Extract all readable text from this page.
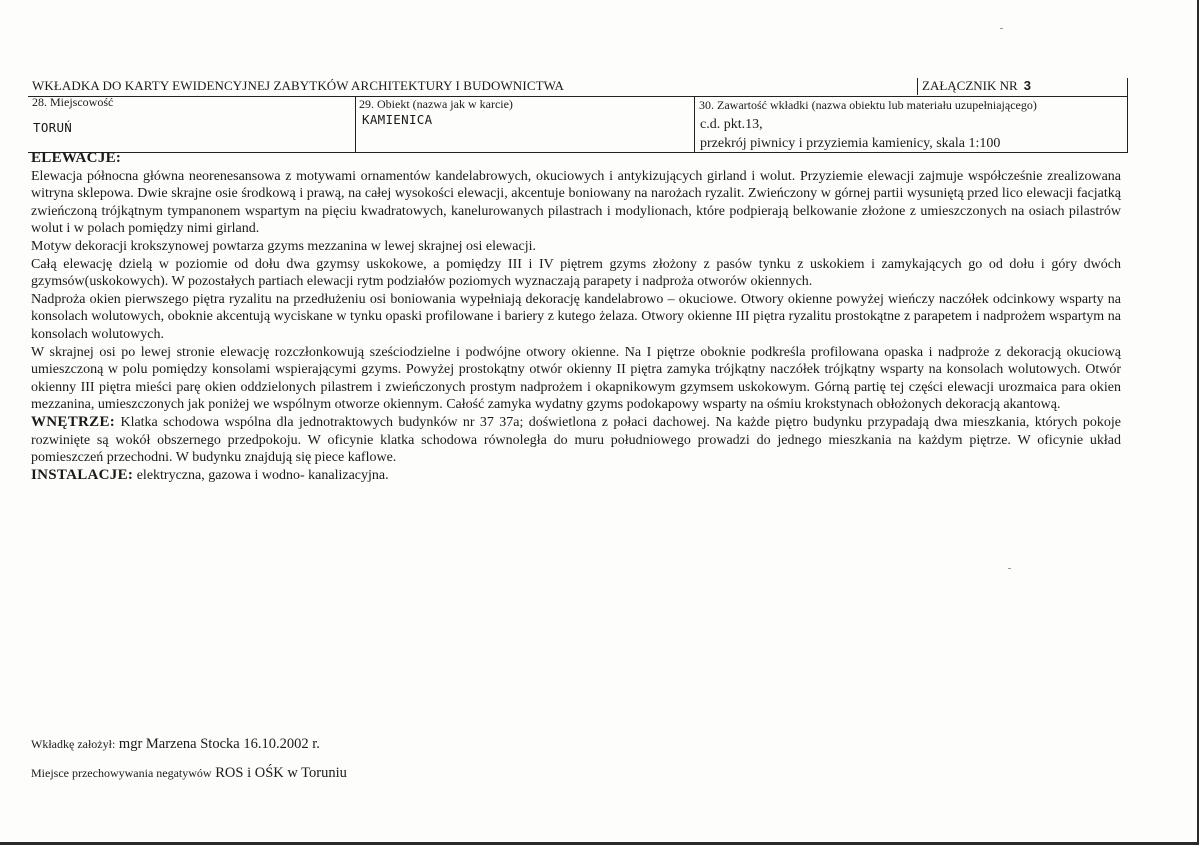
WKŁADKA DO KARTY EWIDENCYJNEJ ZABYTKÓW ARCHITEKTURY I BUDOWNICTWA	ZAŁĄCZNIK NR 3
28. Miejscowość
TORUŃ
29. Obiekt (nazwa jak w karcie)
KAMIENICA
30. Zawartość wkładki (nazwa obiektu lub materiału uzupełniającego)
c.d. pkt.13,
przekrój piwnicy i przyziemia kamienicy, skala 1:100
ELEWACJE:

Elewacja północna główna neorenesansowa z motywami ornamentów kandelabrowych, okuciowych i antykizujących girland i wolut. Przyziemie elewacji zajmuje współcześnie zrealizowana witryna sklepowa. Dwie skrajne osie środkową i prawą, na całej wysokości elewacji, akcentuje boniowany na narożach ryzalit. Zwieńczony w górnej partii wysuniętą przed lico elewacji facjatką zwieńczoną trójkątnym tympanonem wspartym na pięciu kwadratowych, kanelurowanych pilastrach i modylionach, które podpierają belkowanie złożone z umieszczonych na osiach pilastrów wolut i w polach pomiędzy nimi girland.

Motyw dekoracji krokszynowej powtarza gzyms mezzanina w lewej skrajnej osi elewacji.

Całą elewację dzielą w poziomie od dołu dwa gzymsy uskokowe, a pomiędzy III i IV piętrem gzyms złożony z pasów tynku z uskokiem i zamykających go od dołu i góry dwóch gzymsów(uskokowych). W pozostałych partiach elewacji rytm podziałów poziomych wyznaczają parapety i nadproża otworów okiennych.

Nadproża okien pierwszego piętra ryzalitu na przedłużeniu osi boniowania wypełniają dekorację kandelabrowo – okuciowe. Otwory okienne powyżej wieńczy naczółek odcinkowy wsparty na konsolach wolutowych, obokniе akcentują wyciskane w tynku opaski profilowane i bariery z kutego żelaza. Otwory okienne III piętra ryzalitu prostokątne z parapetem i nadprożem wspartym na konsolach wolutowych.

W skrajnej osi po lewej stronie elewację rozczłonkowują sześciodzielne i podwójne otwory okienne. Na I piętrze obokniе podkreśla profilowana opaska i nadproże z dekoracją okuciową umieszczoną w polu pomiędzy konsolami wspierającymi gzyms. Powyżej prostokątny otwór okienny II piętra zamyka trójkątny naczółek trójkątny wsparty na konsolach wolutowych. Otwór okienny III piętra mieści parę okien oddzielonych pilastrem i zwieńczonych prostym nadprożem i okapnikowym gzymsem uskokowym. Górną partię tej części elewacji urozmaica para okien mezzanina, umieszczonych jak poniżej we wspólnym otworze okiennym. Całość zamyka wydatny gzyms podokapowy wsparty na ośmiu krokstynach obłożonych dekoracją akantową.

WNĘTRZE: Klatka schodowa wspólna dla jednotraktowych budynków nr 37 37a; doświetlona z połaci dachowej. Na każde piętro budynku przypadają dwa mieszkania, których pokoje rozwinięte są wokół obszernego przedpokoju. W oficynie klatka schodowa równoległa do muru południowego prowadzi do jednego mieszkania na każdym piętrze. W oficynie układ pomieszczeń przechodni. W budynku znajdują się piece kaflowe.

INSTALACJE: elektryczna, gazowa i wodno- kanalizacyjna.

Wkładkę założył: mgr Marzena Stocka 16.10.2002 r.
Miejsce przechowywania negatywów ROS i OŚK w Toruniu
